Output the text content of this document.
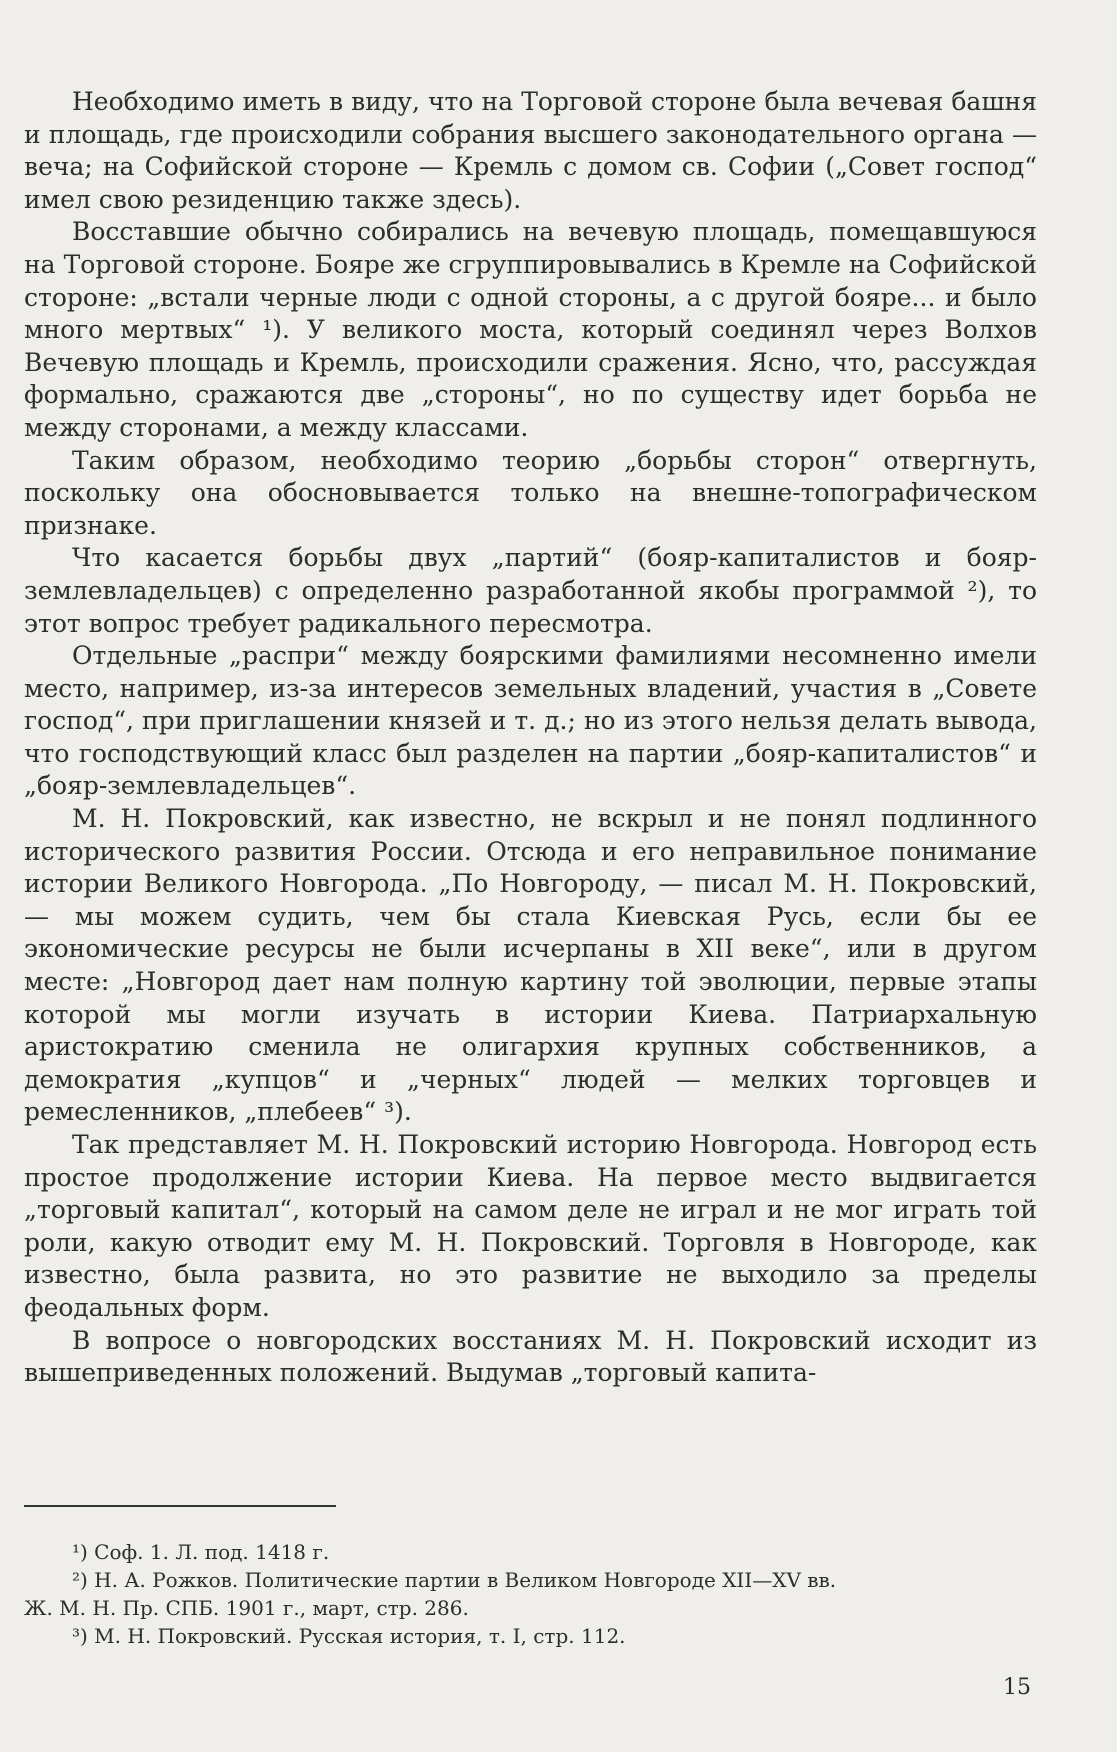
Необходимо иметь в виду, что на Торговой стороне была вечевая башня и площадь, где происходили собрания высшего законодательного органа — веча; на Софийской стороне — Кремль с домом св. Софии („Совет господ“ имел свою резиденцию также здесь).

Восставшие обычно собирались на вечевую площадь, помещавшуюся на Торговой стороне. Бояре же сгруппировывались в Кремле на Софийской стороне: „встали черные люди с одной стороны, а с другой бояре... и было много мертвых“ ¹). У великого моста, который соединял через Волхов Вечевую площадь и Кремль, происходили сражения. Ясно, что, рассуждая формально, сражаются две „стороны“, но по существу идет борьба не между сторонами, а между классами.

Таким образом, необходимо теорию „борьбы сторон“ отвергнуть, поскольку она обосновывается только на внешне-топографическом признаке.

Что касается борьбы двух „партий“ (бояр-капиталистов и бояр-землевладельцев) с определенно разработанной якобы программой ²), то этот вопрос требует радикального пересмотра.

Отдельные „распри“ между боярскими фамилиями несомненно имели место, например, из-за интересов земельных владений, участия в „Совете господ“, при приглашении князей и т. д.; но из этого нельзя делать вывода, что господствующий класс был разделен на партии „бояр-капиталистов“ и „бояр-землевладельцев“.

М. Н. Покровский, как известно, не вскрыл и не понял подлинного исторического развития России. Отсюда и его неправильное понимание истории Великого Новгорода. „По Новгороду, — писал М. Н. Покровский, — мы можем судить, чем бы стала Киевская Русь, если бы ее экономические ресурсы не были исчерпаны в XII веке“, или в другом месте: „Новгород дает нам полную картину той эволюции, первые этапы которой мы могли изучать в истории Киева. Патриархальную аристократию сменила не олигархия крупных собственников, а демократия „купцов“ и „черных“ людей — мелких торговцев и ремесленников, „плебеев“ ³).

Так представляет М. Н. Покровский историю Новгорода. Новгород есть простое продолжение истории Киева. На первое место выдвигается „торговый капитал“, который на самом деле не играл и не мог играть той роли, какую отводит ему М. Н. Покровский. Торговля в Новгороде, как известно, была развита, но это развитие не выходило за пределы феодальных форм.

В вопросе о новгородских восстаниях М. Н. Покровский исходит из вышеприведенных положений. Выдумав „торговый капита-

¹) Соф. 1. Л. под. 1418 г.

²) Н. А. Рожков. Политические партии в Великом Новгороде XII—XV вв.

Ж. М. Н. Пр. СПБ. 1901 г., март, стр. 286.

³) М. Н. Покровский. Русская история, т. I, стр. 112.

15
